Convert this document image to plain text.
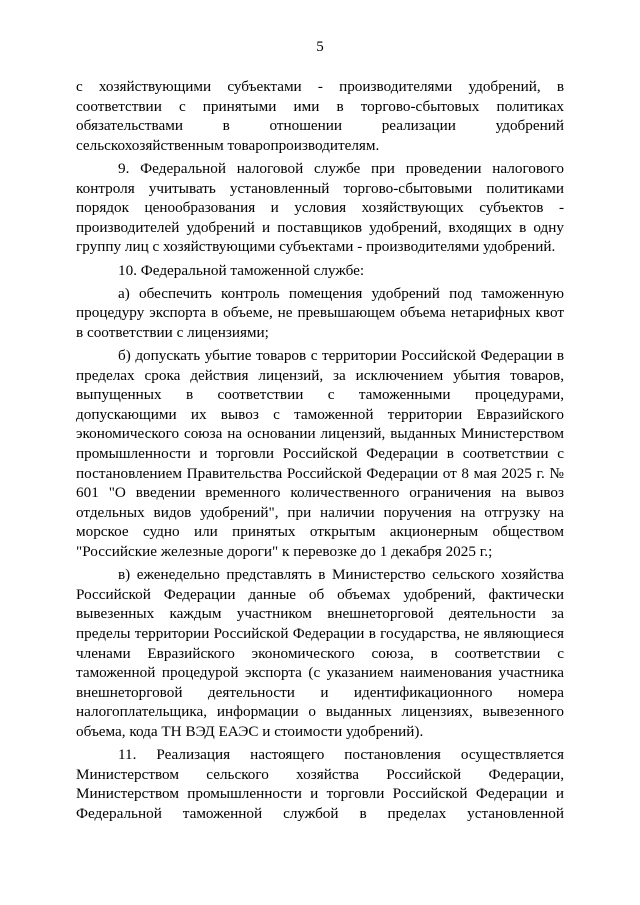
5

с хозяйствующими субъектами - производителями удобрений, в соответствии с принятыми ими в торгово-сбытовых политиках обязательствами в отношении реализации удобрений сельскохозяйственным товаропроизводителям.

9. Федеральной налоговой службе при проведении налогового контроля учитывать установленный торгово-сбытовыми политиками порядок ценообразования и условия хозяйствующих субъектов - производителей удобрений и поставщиков удобрений, входящих в одну группу лиц с хозяйствующими субъектами - производителями удобрений.

10. Федеральной таможенной службе:

а) обеспечить контроль помещения удобрений под таможенную процедуру экспорта в объеме, не превышающем объема нетарифных квот в соответствии с лицензиями;

б) допускать убытие товаров с территории Российской Федерации в пределах срока действия лицензий, за исключением убытия товаров, выпущенных в соответствии с таможенными процедурами, допускающими их вывоз с таможенной территории Евразийского экономического союза на основании лицензий, выданных Министерством промышленности и торговли Российской Федерации в соответствии с постановлением Правительства Российской Федерации от 8 мая 2025 г. № 601 "О введении временного количественного ограничения на вывоз отдельных видов удобрений", при наличии поручения на отгрузку на морское судно или принятых открытым акционерным обществом "Российские железные дороги" к перевозке до 1 декабря 2025 г.;

в) еженедельно представлять в Министерство сельского хозяйства Российской Федерации данные об объемах удобрений, фактически вывезенных каждым участником внешнеторговой деятельности за пределы территории Российской Федерации в государства, не являющиеся членами Евразийского экономического союза, в соответствии с таможенной процедурой экспорта (с указанием наименования участника внешнеторговой деятельности и идентификационного номера налогоплательщика, информации о выданных лицензиях, вывезенного объема, кода ТН ВЭД ЕАЭС и стоимости удобрений).

11. Реализация настоящего постановления осуществляется Министерством сельского хозяйства Российской Федерации, Министерством промышленности и торговли Российской Федерации и Федеральной таможенной службой в пределах установленной
